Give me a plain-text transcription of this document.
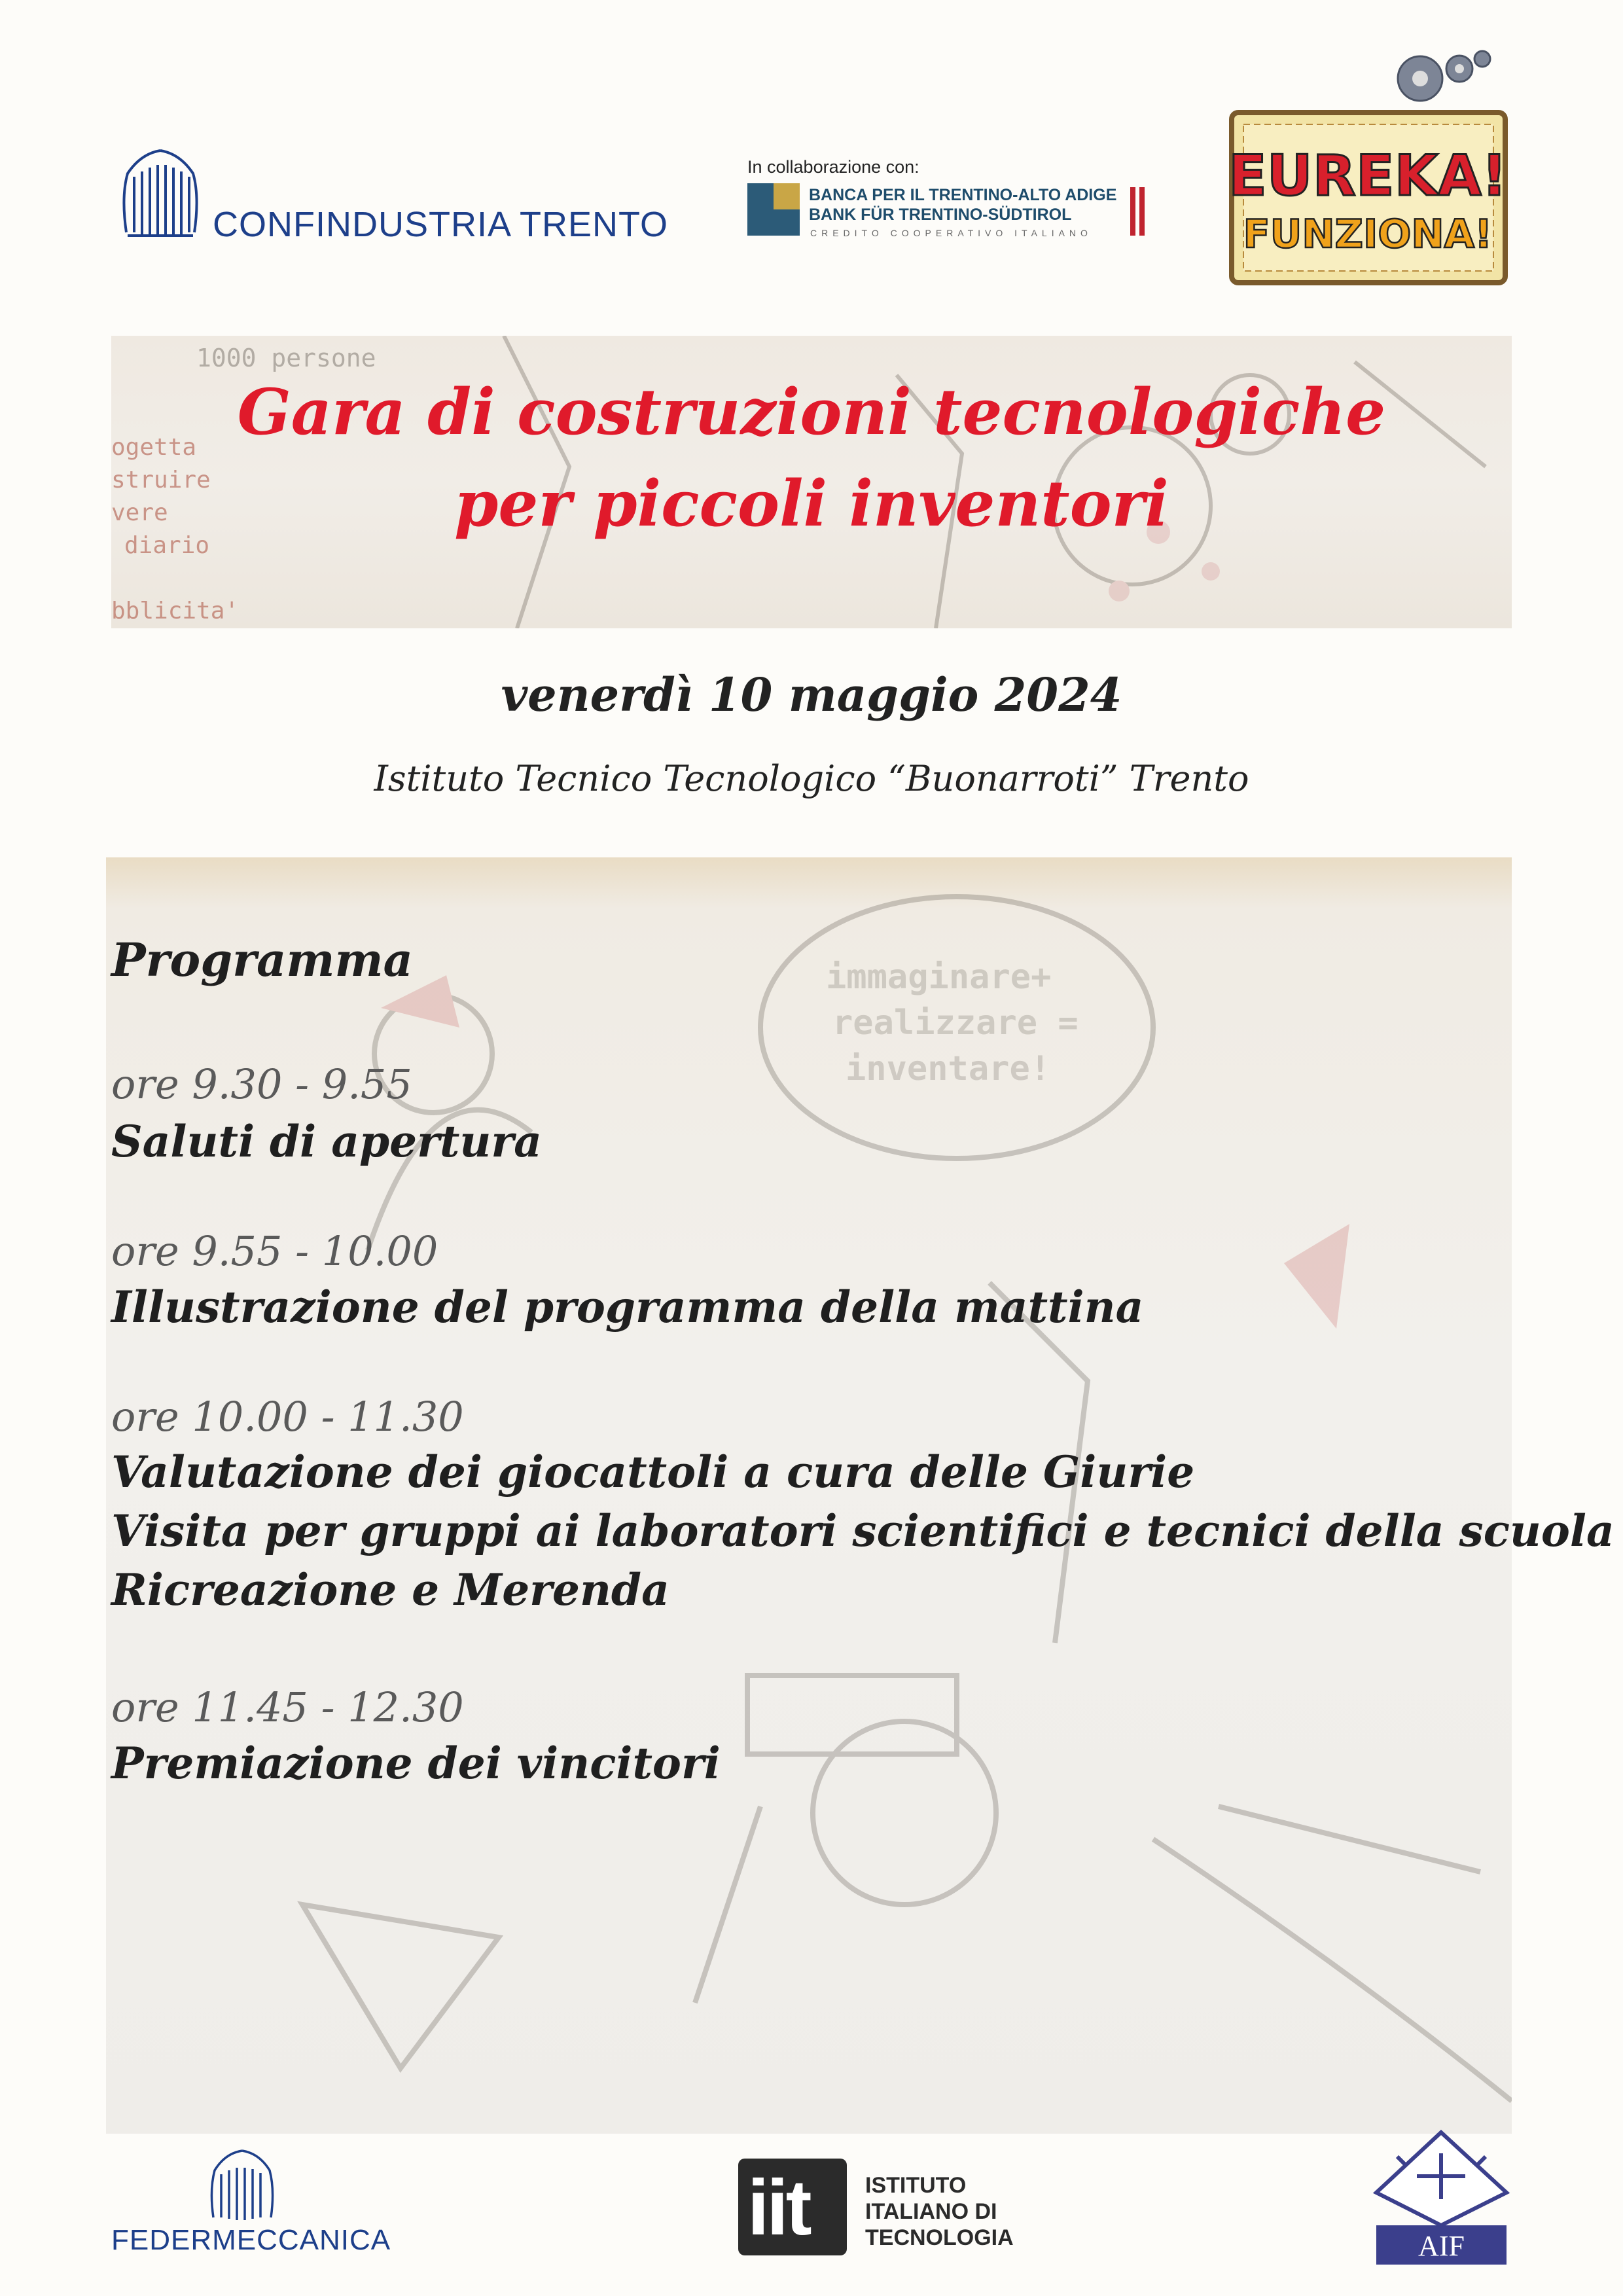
CONFINDUSTRIA TRENTO
In collaborazione con:
BANCA PER IL TRENTINO-ALTO ADIGE
BANK FÜR TRENTINO-SÜDTIROL
CREDITO COOPERATIVO ITALIANO
EUREKA!
FUNZIONA!
1000 persone
ogetta
struire
vere
diario
bblicita'
Gara di costruzioni tecnologiche
per piccoli inventori
venerdì 10 maggio 2024
Istituto Tecnico Tecnologico “Buonarroti” Trento
immaginare+
realizzare =
inventare!
Programma
ore 9.30 - 9.55
Saluti di apertura
ore 9.55 - 10.00
Illustrazione del programma della mattina
ore 10.00 - 11.30
Valutazione dei giocattoli a cura delle Giurie
Visita per gruppi ai laboratori scientifici e tecnici della scuola
Ricreazione e Merenda
ore 11.45 - 12.30
Premiazione dei vincitori
FEDERMECCANICA	iit	ISTITUTO
ITALIANO DI
TECNOLOGIA	AIF
